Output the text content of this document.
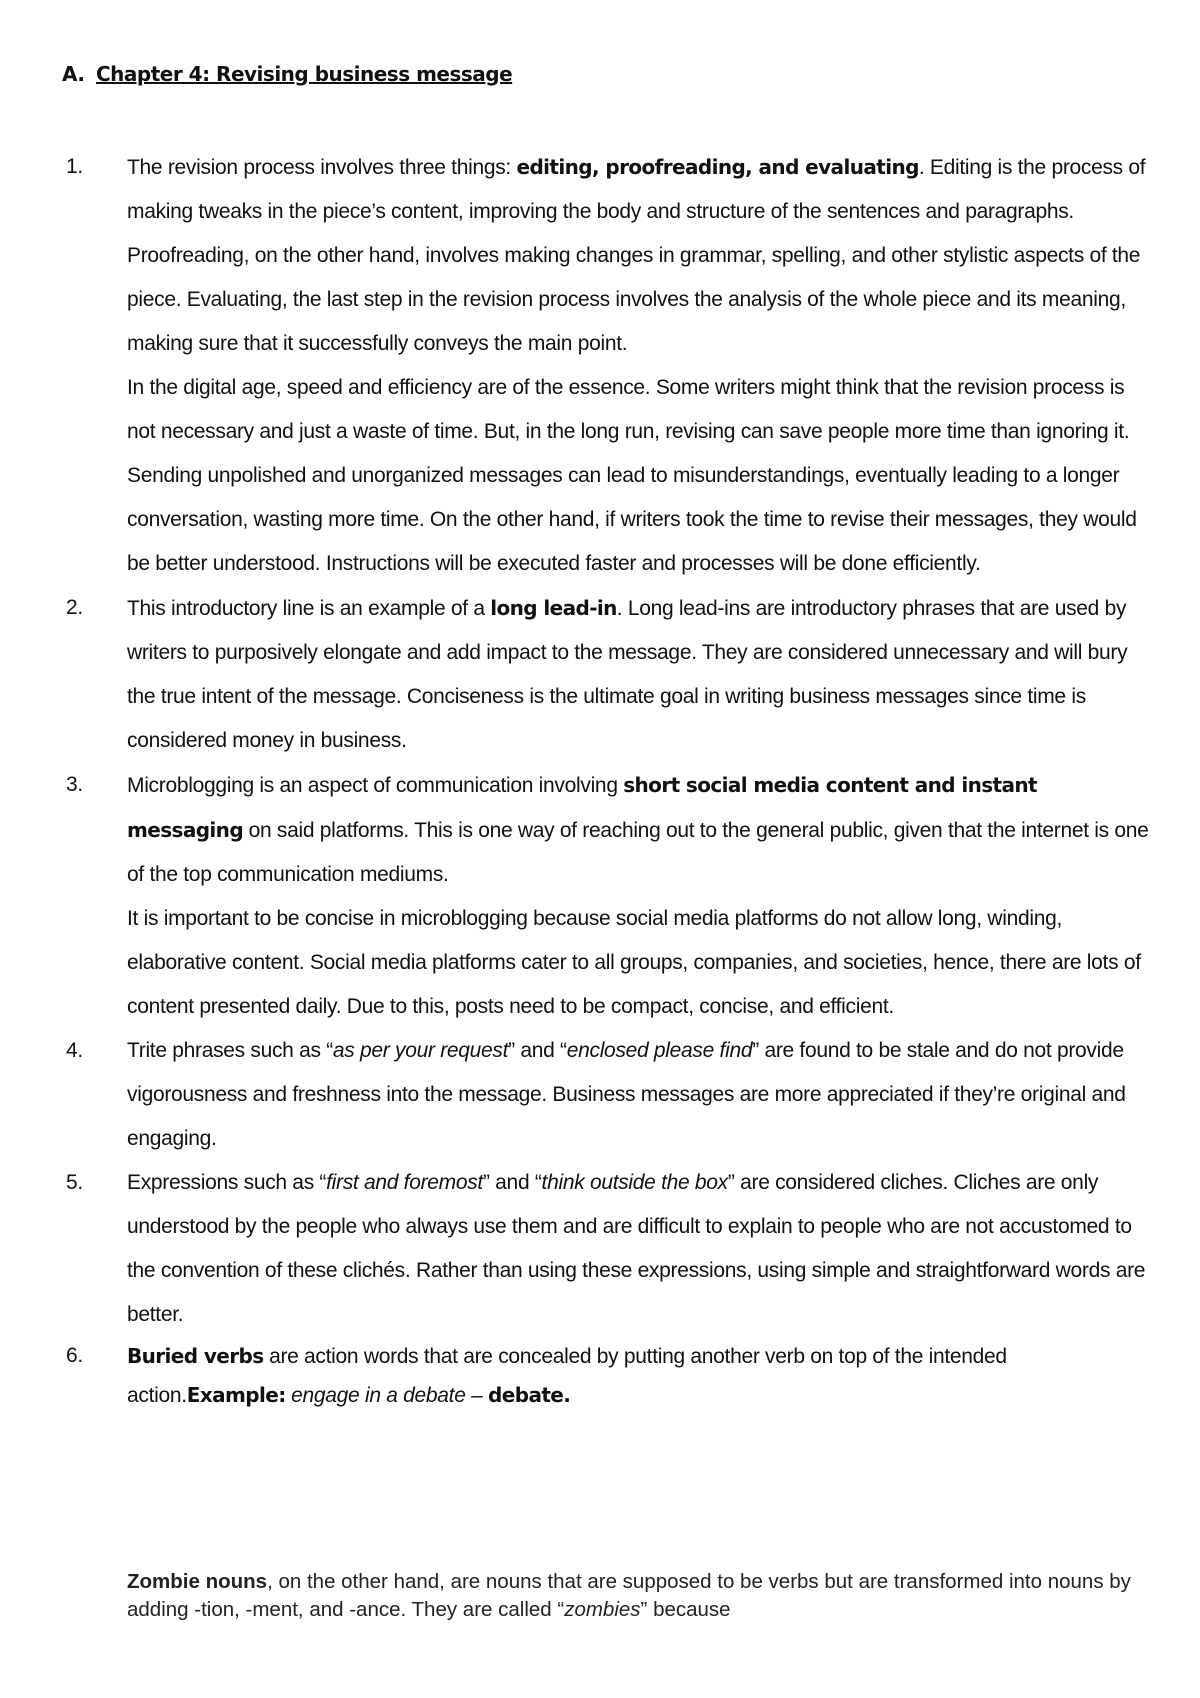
A. Chapter 4: Revising business message
1. The revision process involves three things: editing, proofreading, and evaluating. Editing is the process of making tweaks in the piece’s content, improving the body and structure of the sentences and paragraphs.

Proofreading, on the other hand, involves making changes in grammar, spelling, and other stylistic aspects of the piece. Evaluating, the last step in the revision process involves the analysis of the whole piece and its meaning, making sure that it successfully conveys the main point.

In the digital age, speed and efficiency are of the essence. Some writers might think that the revision process is not necessary and just a waste of time. But, in the long run, revising can save people more time than ignoring it. Sending unpolished and unorganized messages can lead to misunderstandings, eventually leading to a longer conversation, wasting more time. On the other hand, if writers took the time to revise their messages, they would be better understood. Instructions will be executed faster and processes will be done efficiently.

2. This introductory line is an example of a long lead-in. Long lead-ins are introductory phrases that are used by writers to purposively elongate and add impact to the message. They are considered unnecessary and will bury the true intent of the message. Conciseness is the ultimate goal in writing business messages since time is considered money in business.

3. Microblogging is an aspect of communication involving short social media content and instant messaging on said platforms. This is one way of reaching out to the general public, given that the internet is one of the top communication mediums.

It is important to be concise in microblogging because social media platforms do not allow long, winding, elaborative content. Social media platforms cater to all groups, companies, and societies, hence, there are lots of content presented daily. Due to this, posts need to be compact, concise, and efficient.

4. Trite phrases such as “as per your request” and “enclosed please find” are found to be stale and do not provide vigorousness and freshness into the message. Business messages are more appreciated if they’re original and engaging.

5. Expressions such as “first and foremost” and “think outside the box” are considered cliches. Cliches are only understood by the people who always use them and are difficult to explain to people who are not accustomed to the convention of these clichés. Rather than using these expressions, using simple and straightforward words are better.

6. Buried verbs are action words that are concealed by putting another verb on top of the intended action.Example: engage in a debate – debate.

Zombie nouns, on the other hand, are nouns that are supposed to be verbs but are transformed into nouns by adding -tion, -ment, and -ance. They are called “zombies” because
